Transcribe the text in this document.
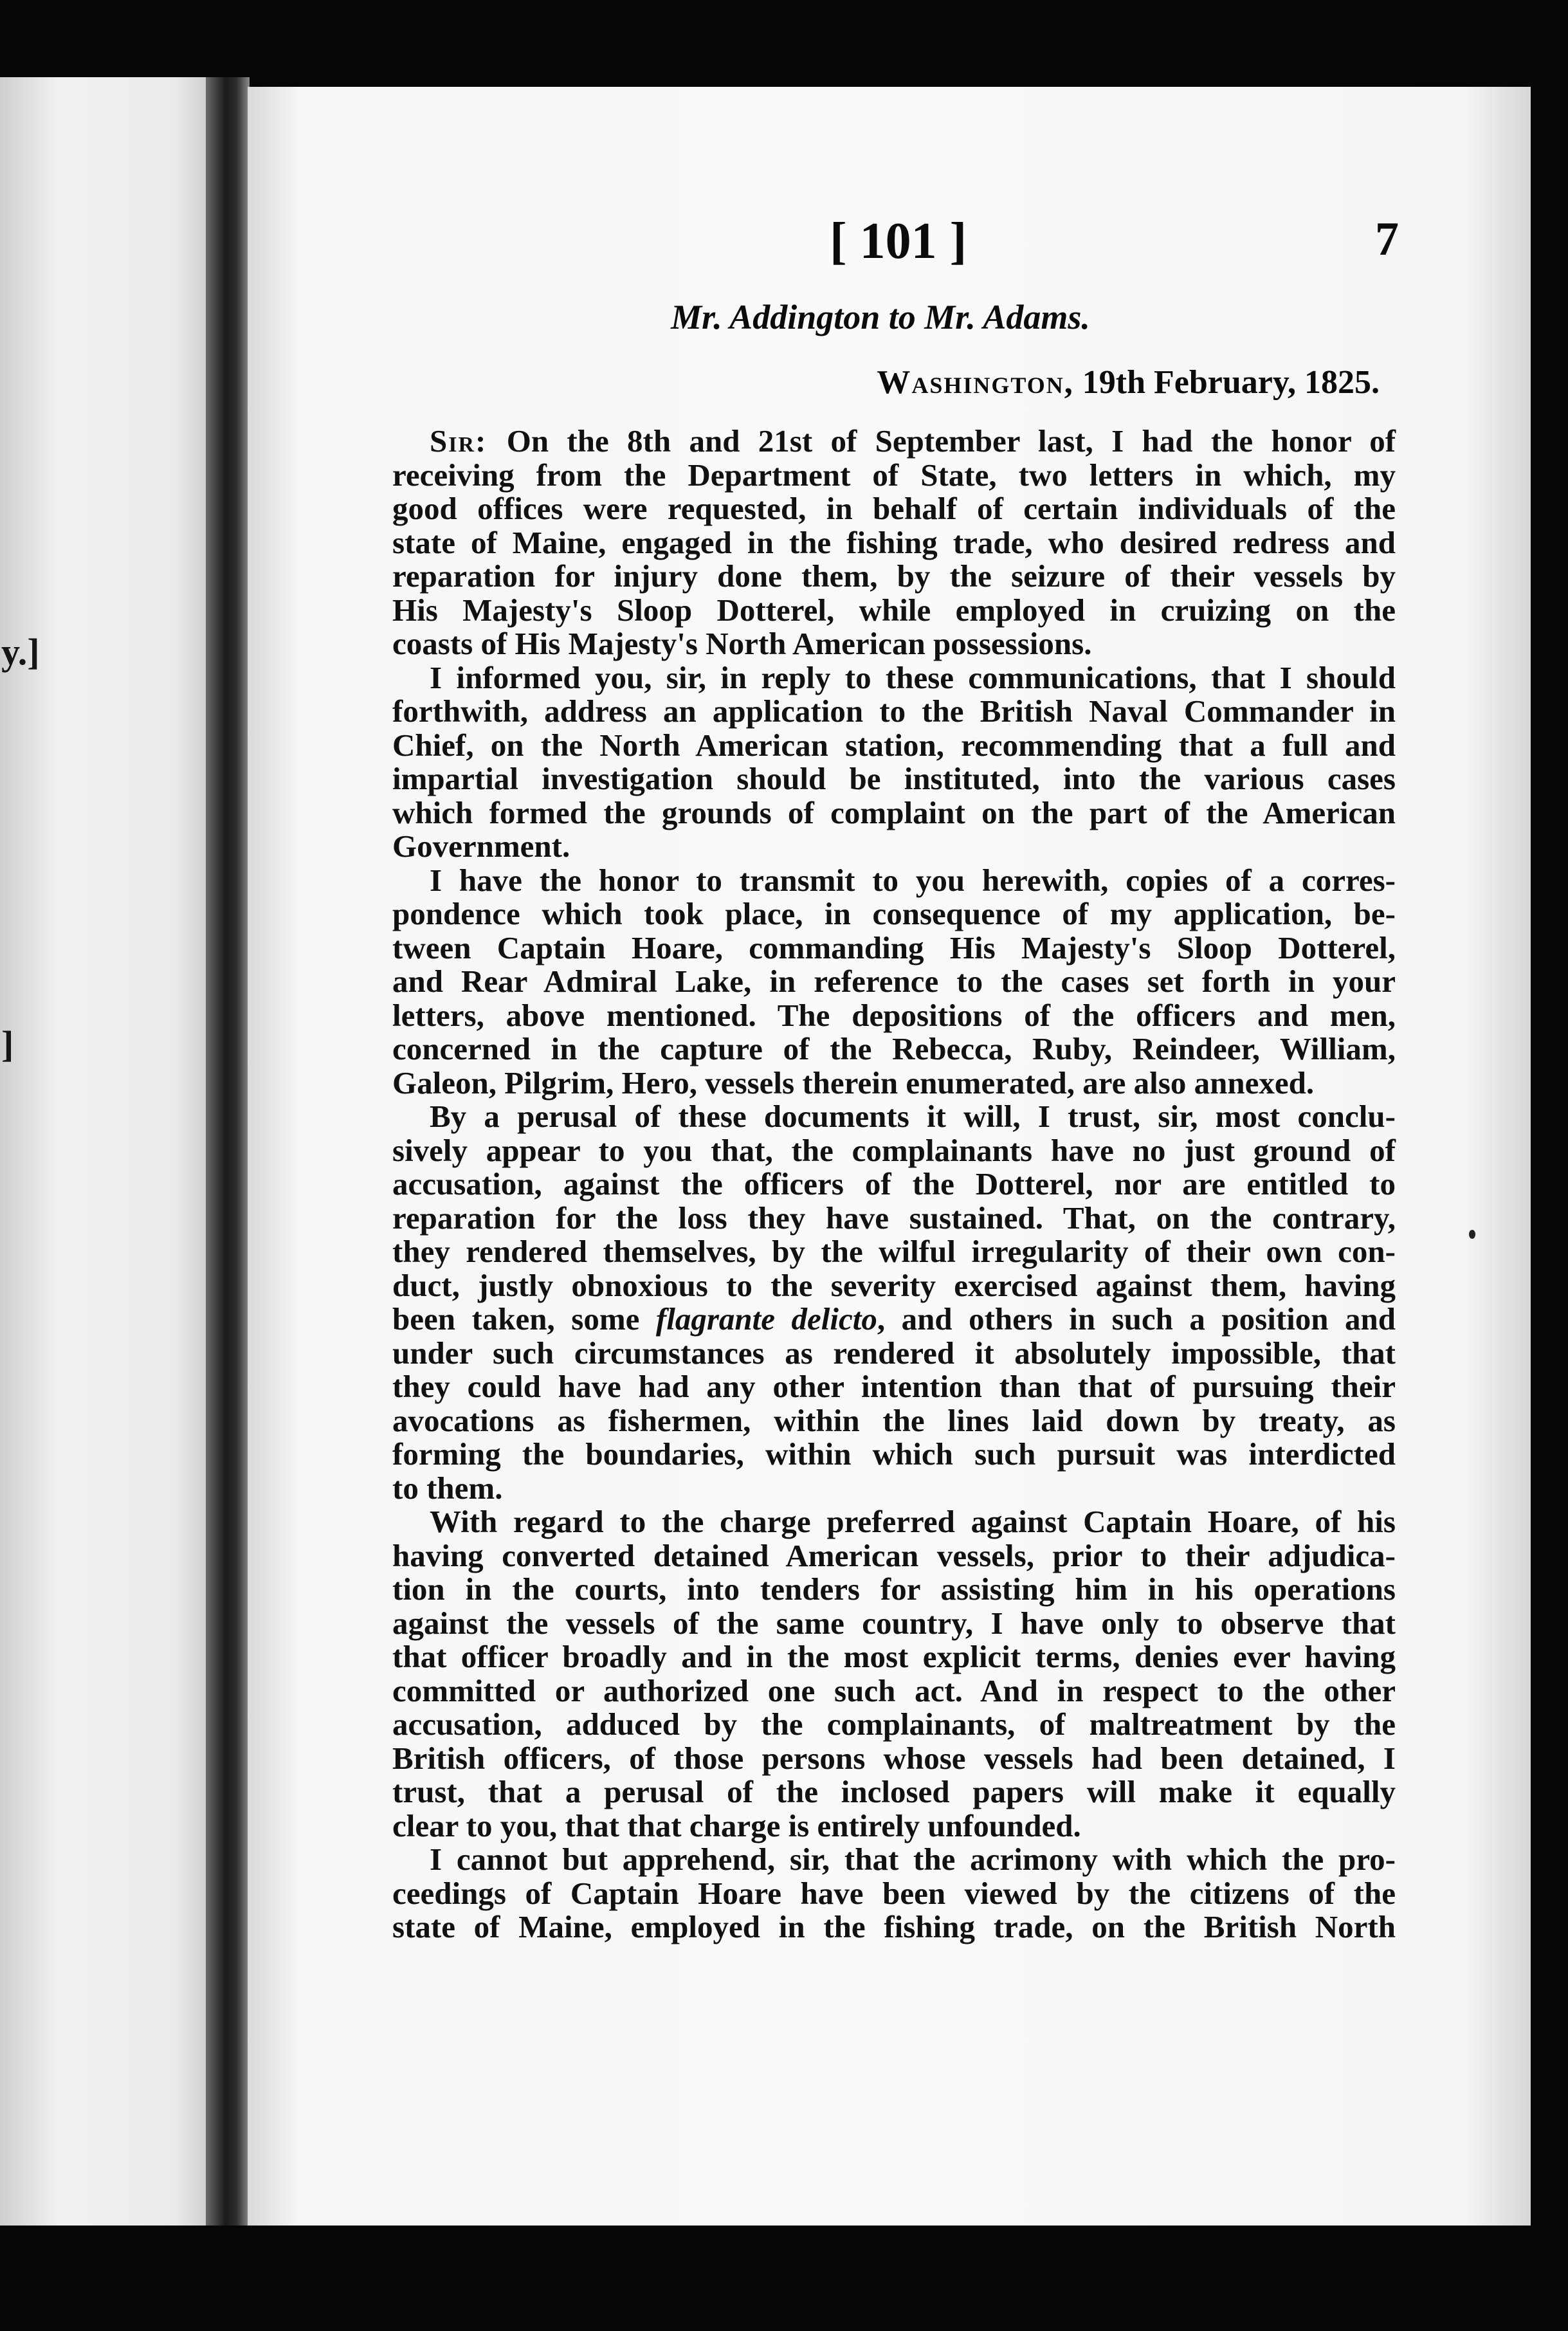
y.]
]
[ 101 ]	7
Mr. Addington to Mr. Adams.
Washington, 19th February, 1825.

Sir: On the 8th and 21st of September last, I had the honor of
receiving from the Department of State, two letters in which, my
good offices were requested, in behalf of certain individuals of the
state of Maine, engaged in the fishing trade, who desired redress and
reparation for injury done them, by the seizure of their vessels by
His Majesty's Sloop Dotterel, while employed in cruizing on the
coasts of His Majesty's North American possessions.

I informed you, sir, in reply to these communications, that I should
forthwith, address an application to the British Naval Commander in
Chief, on the North American station, recommending that a full and
impartial investigation should be instituted, into the various cases
which formed the grounds of complaint on the part of the American
Government.

I have the honor to transmit to you herewith, copies of a corres-
pondence which took place, in consequence of my application, be-
tween Captain Hoare, commanding His Majesty's Sloop Dotterel,
and Rear Admiral Lake, in reference to the cases set forth in your
letters, above mentioned. The depositions of the officers and men,
concerned in the capture of the Rebecca, Ruby, Reindeer, William,
Galeon, Pilgrim, Hero, vessels therein enumerated, are also annexed.

By a perusal of these documents it will, I trust, sir, most conclu-
sively appear to you that, the complainants have no just ground of
accusation, against the officers of the Dotterel, nor are entitled to
reparation for the loss they have sustained. That, on the contrary,
they rendered themselves, by the wilful irregularity of their own con-
duct, justly obnoxious to the severity exercised against them, having
been taken, some flagrante delicto, and others in such a position and
under such circumstances as rendered it absolutely impossible, that
they could have had any other intention than that of pursuing their
avocations as fishermen, within the lines laid down by treaty, as
forming the boundaries, within which such pursuit was interdicted
to them.

With regard to the charge preferred against Captain Hoare, of his
having converted detained American vessels, prior to their adjudica-
tion in the courts, into tenders for assisting him in his operations
against the vessels of the same country, I have only to observe that
that officer broadly and in the most explicit terms, denies ever having
committed or authorized one such act. And in respect to the other
accusation, adduced by the complainants, of maltreatment by the
British officers, of those persons whose vessels had been detained, I
trust, that a perusal of the inclosed papers will make it equally
clear to you, that that charge is entirely unfounded.

I cannot but apprehend, sir, that the acrimony with which the pro-
ceedings of Captain Hoare have been viewed by the citizens of the
state of Maine, employed in the fishing trade, on the British North
